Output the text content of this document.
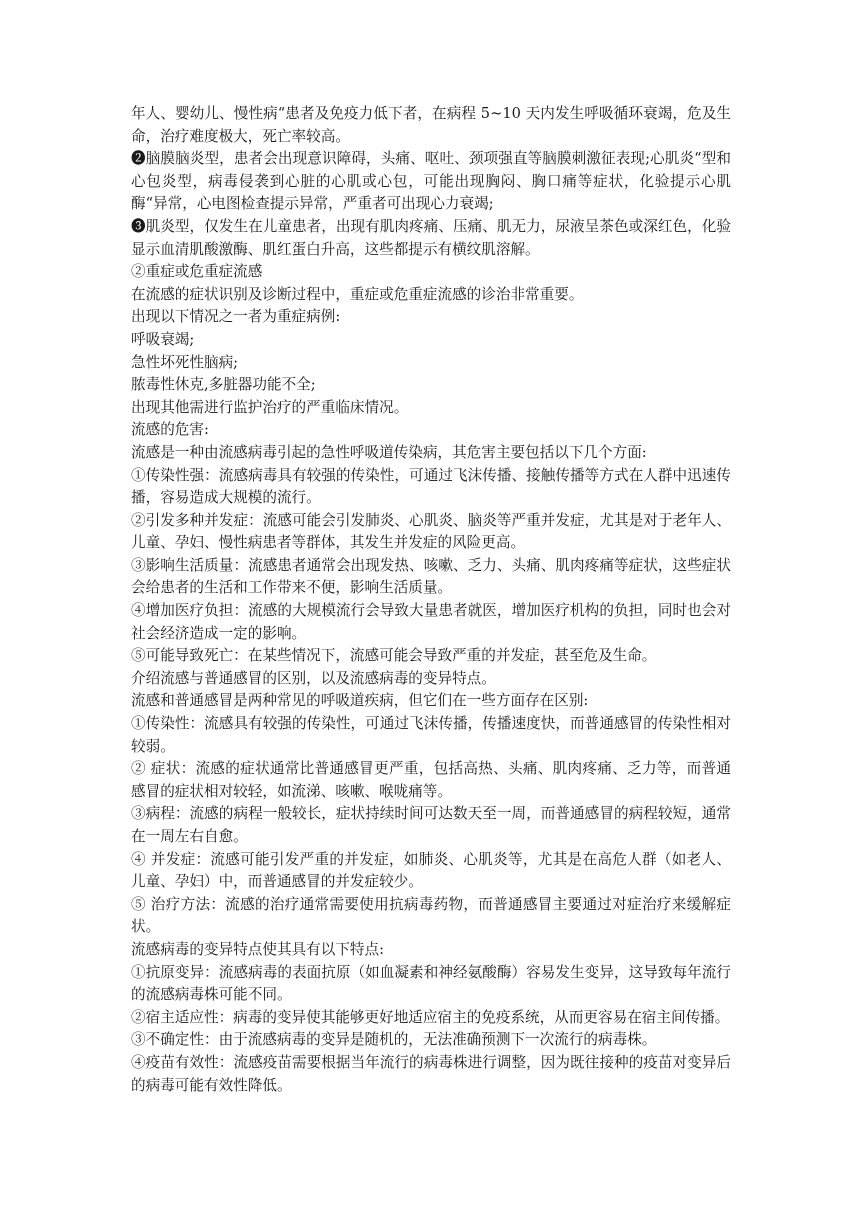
年人、婴幼儿、慢性病“患者及免疫力低下者，在病程 5~10 天内发生呼吸循环衰竭，危及生命，治疗难度极大，死亡率较高。

❷脑膜脑炎型，患者会出现意识障碍，头痛、呕吐、颈项强直等脑膜刺激征表现;心肌炎“型和心包炎型，病毒侵袭到心脏的心肌或心包，可能出现胸闷、胸口痛等症状，化验提示心肌酶“异常，心电图检查提示异常，严重者可出现心力衰竭;

❸肌炎型，仅发生在儿童患者，出现有肌肉疼痛、压痛、肌无力，尿液呈茶色或深红色，化验显示血清肌酸激酶、肌红蛋白升高，这些都提示有横纹肌溶解。

②重症或危重症流感

在流感的症状识别及诊断过程中，重症或危重症流感的诊治非常重要。

出现以下情况之一者为重症病例:

呼吸衰竭;

急性坏死性脑病;

脓毒性休克,多脏器功能不全;

出现其他需进行监护治疗的严重临床情况。

流感的危害:

流感是一种由流感病毒引起的急性呼吸道传染病，其危害主要包括以下几个方面:

①传染性强：流感病毒具有较强的传染性，可通过飞沫传播、接触传播等方式在人群中迅速传播，容易造成大规模的流行。

②引发多种并发症：流感可能会引发肺炎、心肌炎、脑炎等严重并发症，尤其是对于老年人、儿童、孕妇、慢性病患者等群体，其发生并发症的风险更高。

③影响生活质量：流感患者通常会出现发热、咳嗽、乏力、头痛、肌肉疼痛等症状，这些症状会给患者的生活和工作带来不便，影响生活质量。

④增加医疗负担：流感的大规模流行会导致大量患者就医，增加医疗机构的负担，同时也会对社会经济造成一定的影响。

⑤可能导致死亡：在某些情况下，流感可能会导致严重的并发症，甚至危及生命。

介绍流感与普通感冒的区别，以及流感病毒的变异特点。

流感和普通感冒是两种常见的呼吸道疾病，但它们在一些方面存在区别:

①传染性：流感具有较强的传染性，可通过飞沫传播，传播速度快，而普通感冒的传染性相对较弱。

② 症状：流感的症状通常比普通感冒更严重，包括高热、头痛、肌肉疼痛、乏力等，而普通感冒的症状相对较轻，如流涕、咳嗽、喉咙痛等。

③病程：流感的病程一般较长，症状持续时间可达数天至一周，而普通感冒的病程较短，通常在一周左右自愈。

④ 并发症：流感可能引发严重的并发症，如肺炎、心肌炎等，尤其是在高危人群（如老人、儿童、孕妇）中，而普通感冒的并发症较少。

⑤ 治疗方法：流感的治疗通常需要使用抗病毒药物，而普通感冒主要通过对症治疗来缓解症状。

流感病毒的变异特点使其具有以下特点:

①抗原变异：流感病毒的表面抗原（如血凝素和神经氨酸酶）容易发生变异，这导致每年流行的流感病毒株可能不同。

②宿主适应性：病毒的变异使其能够更好地适应宿主的免疫系统，从而更容易在宿主间传播。

③不确定性：由于流感病毒的变异是随机的，无法准确预测下一次流行的病毒株。

④疫苗有效性：流感疫苗需要根据当年流行的病毒株进行调整，因为既往接种的疫苗对变异后的病毒可能有效性降低。
